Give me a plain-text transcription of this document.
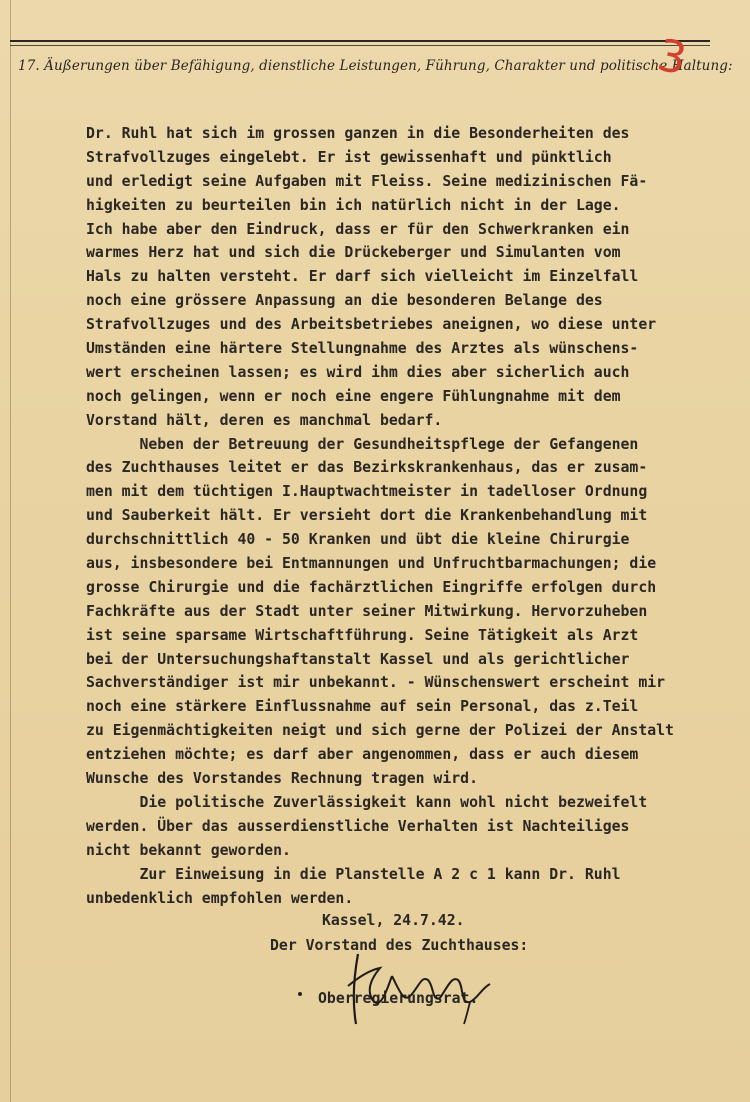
17. Äußerungen über Befähigung, dienstliche Leistungen, Führung, Charakter und politische Haltung:
3
Dr. Ruhl hat sich im grossen ganzen in die Besonderheiten des
Strafvollzuges eingelebt. Er ist gewissenhaft und pünktlich
und erledigt seine Aufgaben mit Fleiss. Seine medizinischen Fä-
higkeiten zu beurteilen bin ich natürlich nicht in der Lage.
Ich habe aber den Eindruck, dass er für den Schwerkranken ein
warmes Herz hat und sich die Drückeberger und Simulanten vom
Hals zu halten versteht. Er darf sich vielleicht im Einzelfall
noch eine grössere Anpassung an die besonderen Belange des
Strafvollzuges und des Arbeitsbetriebes aneignen, wo diese unter
Umständen eine härtere Stellungnahme des Arztes als wünschens-
wert erscheinen lassen; es wird ihm dies aber sicherlich auch
noch gelingen, wenn er noch eine engere Fühlungnahme mit dem
Vorstand hält, deren es manchmal bedarf.
Neben der Betreuung der Gesundheitspflege der Gefangenen
des Zuchthauses leitet er das Bezirkskrankenhaus, das er zusam-
men mit dem tüchtigen I.Hauptwachtmeister in tadelloser Ordnung
und Sauberkeit hält. Er versieht dort die Krankenbehandlung mit
durchschnittlich 40 - 50 Kranken und übt die kleine Chirurgie
aus, insbesondere bei Entmannungen und Unfruchtbarmachungen; die
grosse Chirurgie und die fachärztlichen Eingriffe erfolgen durch
Fachkräfte aus der Stadt unter seiner Mitwirkung. Hervorzuheben
ist seine sparsame Wirtschaftführung. Seine Tätigkeit als Arzt
bei der Untersuchungshaftanstalt Kassel und als gerichtlicher
Sachverständiger ist mir unbekannt. - Wünschenswert erscheint mir
noch eine stärkere Einflussnahme auf sein Personal, das z.Teil
zu Eigenmächtigkeiten neigt und sich gerne der Polizei der Anstalt
entziehen möchte; es darf aber angenommen, dass er auch diesem
Wunsche des Vorstandes Rechnung tragen wird.
Die politische Zuverlässigkeit kann wohl nicht bezweifelt
werden. Über das ausserdienstliche Verhalten ist Nachteiliges
nicht bekannt geworden.
Zur Einweisung in die Planstelle A 2 c 1 kann Dr. Ruhl
unbedenklich empfohlen werden.
Kassel, 24.7.42.
Der Vorstand des Zuchthauses:
Oberregierungsrat.
